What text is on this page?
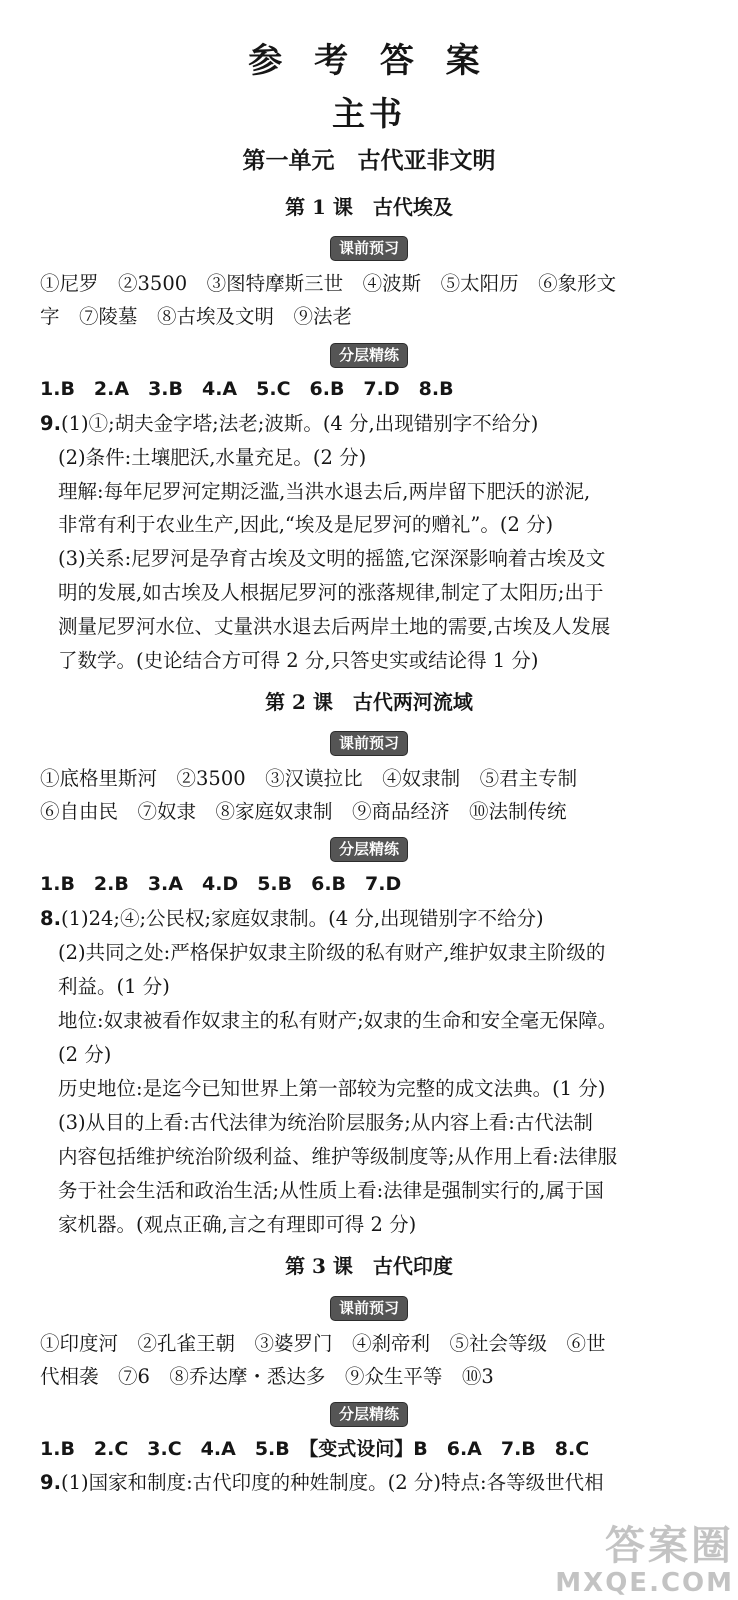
参 考 答 案
主书
第一单元　古代亚非文明
第 1 课　古代埃及
课前预习
①尼罗　②3500　③图特摩斯三世　④波斯　⑤太阳历　⑥象形文
字　⑦陵墓　⑧古埃及文明　⑨法老
分层精练
1.B　2.A　3.B　4.A　5.C　6.B　7.D　8.B
9.(1)①;胡夫金字塔;法老;波斯。(4 分,出现错别字不给分)
(2)条件:土壤肥沃,水量充足。(2 分)
理解:每年尼罗河定期泛滥,当洪水退去后,两岸留下肥沃的淤泥,
非常有利于农业生产,因此,“埃及是尼罗河的赠礼”。(2 分)
(3)关系:尼罗河是孕育古埃及文明的摇篮,它深深影响着古埃及文
明的发展,如古埃及人根据尼罗河的涨落规律,制定了太阳历;出于
测量尼罗河水位、丈量洪水退去后两岸土地的需要,古埃及人发展
了数学。(史论结合方可得 2 分,只答史实或结论得 1 分)
第 2 课　古代两河流域
课前预习
①底格里斯河　②3500　③汉谟拉比　④奴隶制　⑤君主专制
⑥自由民　⑦奴隶　⑧家庭奴隶制　⑨商品经济　⑩法制传统
分层精练
1.B　2.B　3.A　4.D　5.B　6.B　7.D
8.(1)24;④;公民权;家庭奴隶制。(4 分,出现错别字不给分)
(2)共同之处:严格保护奴隶主阶级的私有财产,维护奴隶主阶级的
利益。(1 分)
地位:奴隶被看作奴隶主的私有财产;奴隶的生命和安全毫无保障。
(2 分)
历史地位:是迄今已知世界上第一部较为完整的成文法典。(1 分)
(3)从目的上看:古代法律为统治阶层服务;从内容上看:古代法制
内容包括维护统治阶级利益、维护等级制度等;从作用上看:法律服
务于社会生活和政治生活;从性质上看:法律是强制实行的,属于国
家机器。(观点正确,言之有理即可得 2 分)
第 3 课　古代印度
课前预习
①印度河　②孔雀王朝　③婆罗门　④刹帝利　⑤社会等级　⑥世
代相袭　⑦6　⑧乔达摩・悉达多　⑨众生平等　⑩3
分层精练
1.B　2.C　3.C　4.A　5.B　【变式设问】B　6.A　7.B　8.C
9.(1)国家和制度:古代印度的种姓制度。(2 分)特点:各等级世代相
答案圈
MXQE.COM
